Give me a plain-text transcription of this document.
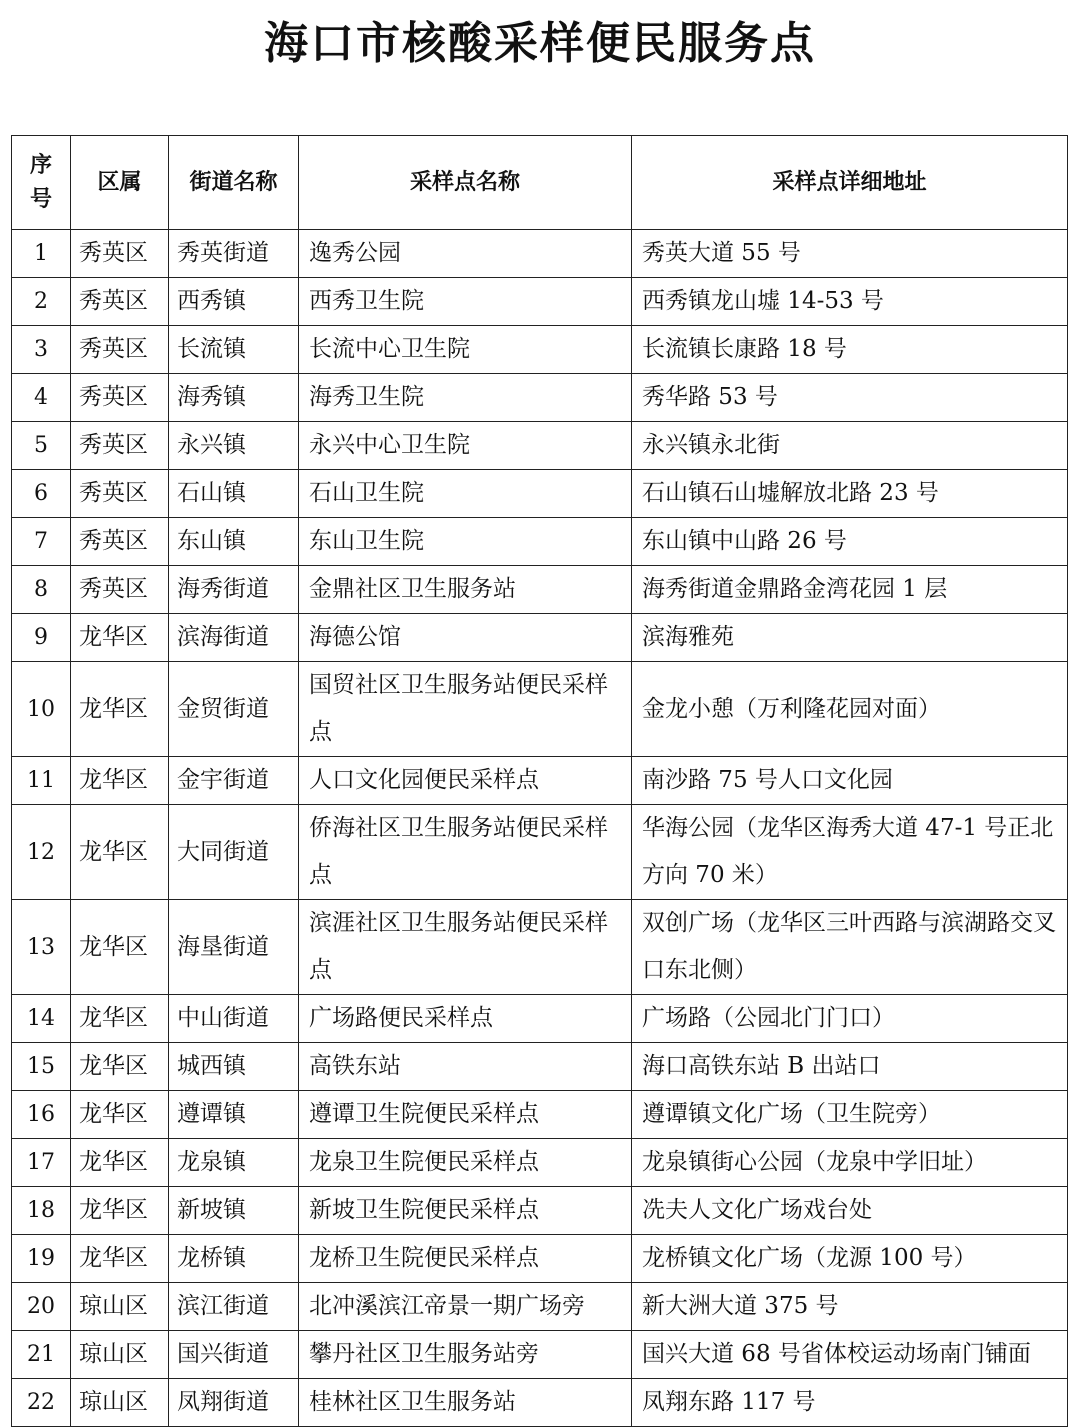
海口市核酸采样便民服务点
序号	区属	街道名称	采样点名称	采样点详细地址
1	秀英区	秀英街道	逸秀公园	秀英大道 55 号
2	秀英区	西秀镇	西秀卫生院	西秀镇龙山墟 14-53 号
3	秀英区	长流镇	长流中心卫生院	长流镇长康路 18 号
4	秀英区	海秀镇	海秀卫生院	秀华路 53 号
5	秀英区	永兴镇	永兴中心卫生院	永兴镇永北街
6	秀英区	石山镇	石山卫生院	石山镇石山墟解放北路 23 号
7	秀英区	东山镇	东山卫生院	东山镇中山路 26 号
8	秀英区	海秀街道	金鼎社区卫生服务站	海秀街道金鼎路金湾花园 1 层
9	龙华区	滨海街道	海德公馆	滨海雅苑
10	龙华区	金贸街道	国贸社区卫生服务站便民采样点	金龙小憩（万利隆花园对面）
11	龙华区	金宇街道	人口文化园便民采样点	南沙路 75 号人口文化园
12	龙华区	大同街道	侨海社区卫生服务站便民采样点	华海公园（龙华区海秀大道 47-1 号正北方向 70 米）
13	龙华区	海垦街道	滨涯社区卫生服务站便民采样点	双创广场（龙华区三叶西路与滨湖路交叉口东北侧）
14	龙华区	中山街道	广场路便民采样点	广场路（公园北门门口）
15	龙华区	城西镇	高铁东站	海口高铁东站 B 出站口
16	龙华区	遵谭镇	遵谭卫生院便民采样点	遵谭镇文化广场（卫生院旁）
17	龙华区	龙泉镇	龙泉卫生院便民采样点	龙泉镇街心公园（龙泉中学旧址）
18	龙华区	新坡镇	新坡卫生院便民采样点	冼夫人文化广场戏台处
19	龙华区	龙桥镇	龙桥卫生院便民采样点	龙桥镇文化广场（龙源 100 号）
20	琼山区	滨江街道	北冲溪滨江帝景一期广场旁	新大洲大道 375 号
21	琼山区	国兴街道	攀丹社区卫生服务站旁	国兴大道 68 号省体校运动场南门铺面
22	琼山区	凤翔街道	桂林社区卫生服务站	凤翔东路 117 号
